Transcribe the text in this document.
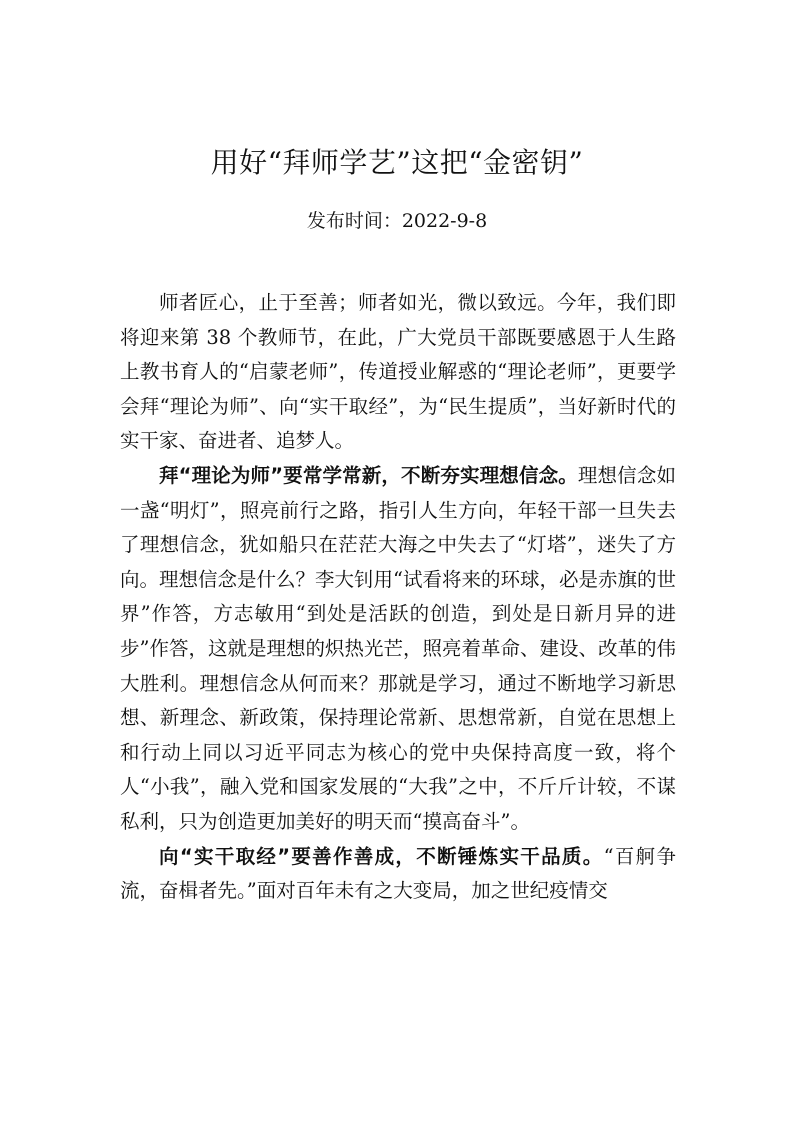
用好“拜师学艺”这把“金密钥”
发布时间：2022-9-8

师者匠心，止于至善；师者如光，微以致远。今年，我们即将迎来第 38 个教师节，在此，广大党员干部既要感恩于人生路上教书育人的“启蒙老师”，传道授业解惑的“理论老师”，更要学会拜“理论为师”、向“实干取经”，为“民生提质”，当好新时代的实干家、奋进者、追梦人。

拜“理论为师”要常学常新，不断夯实理想信念。理想信念如一盏“明灯”，照亮前行之路，指引人生方向，年轻干部一旦失去了理想信念，犹如船只在茫茫大海之中失去了“灯塔”，迷失了方向。理想信念是什么？李大钊用“试看将来的环球，必是赤旗的世界”作答，方志敏用“到处是活跃的创造，到处是日新月异的进步”作答，这就是理想的炽热光芒，照亮着革命、建设、改革的伟大胜利。理想信念从何而来？那就是学习，通过不断地学习新思想、新理念、新政策，保持理论常新、思想常新，自觉在思想上和行动上同以习近平同志为核心的党中央保持高度一致，将个人“小我”，融入党和国家发展的“大我”之中，不斤斤计较，不谋私利，只为创造更加美好的明天而“摸高奋斗”。

向“实干取经”要善作善成，不断锤炼实干品质。“百舸争流，奋楫者先。”面对百年未有之大变局，加之世纪疫情交
